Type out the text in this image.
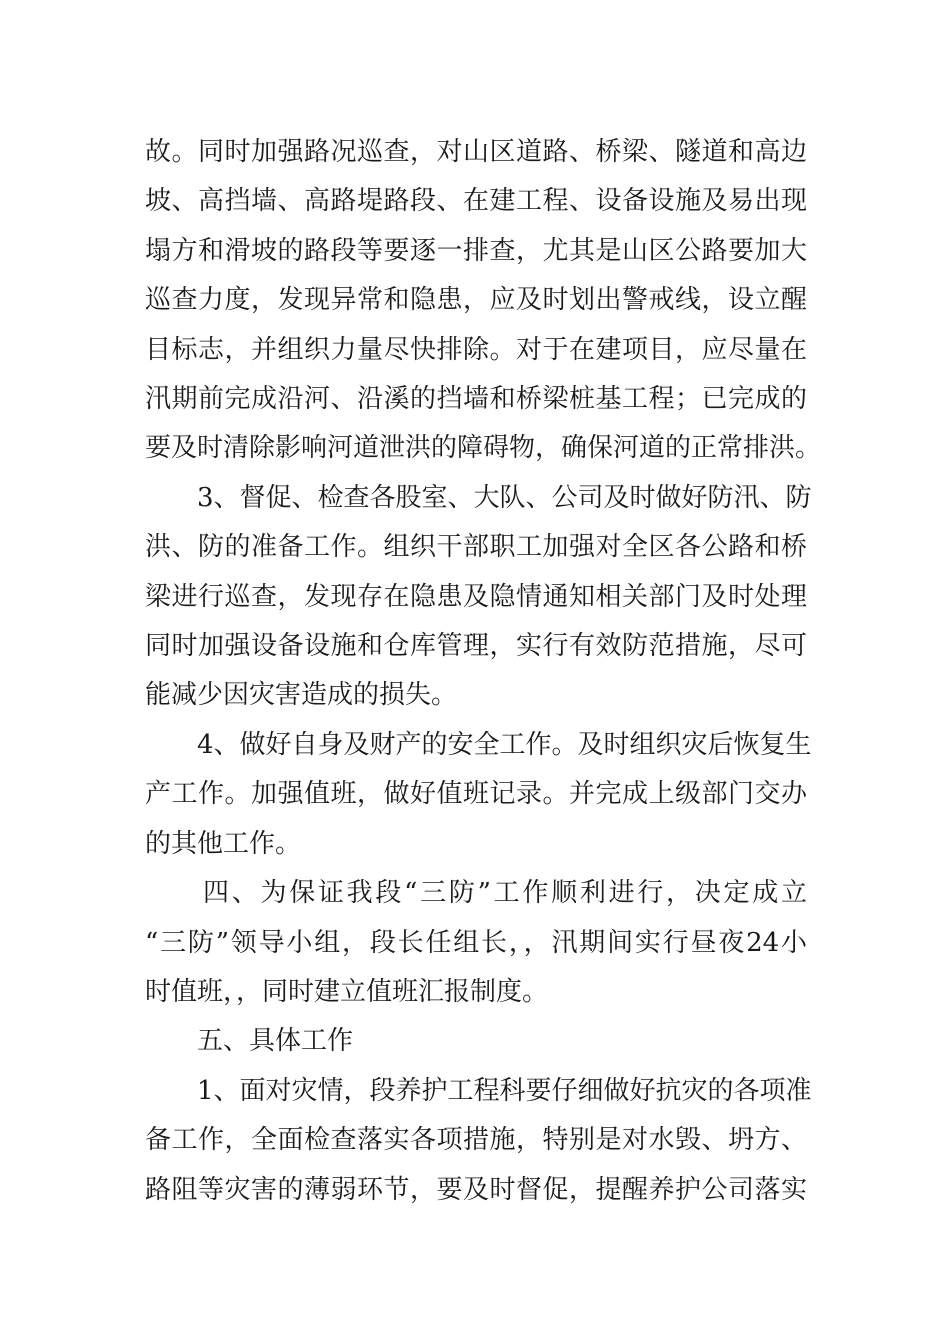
故。同时加强路况巡查，对山区道路、桥梁、隧道和高边
坡、高挡墙、高路堤路段、在建工程、设备设施及易出现
塌方和滑坡的路段等要逐一排查，尤其是山区公路要加大
巡查力度，发现异常和隐患，应及时划出警戒线，设立醒
目标志，并组织力量尽快排除。对于在建项目，应尽量在
汛期前完成沿河、沿溪的挡墙和桥梁桩基工程；已完成的
要及时清除影响河道泄洪的障碍物，确保河道的正常排洪。
3、督促、检查各股室、大队、公司及时做好防汛、防
洪、防的准备工作。组织干部职工加强对全区各公路和桥
梁进行巡查，发现存在隐患及隐情通知相关部门及时处理
同时加强设备设施和仓库管理，实行有效防范措施，尽可
能减少因灾害造成的损失。
4、做好自身及财产的安全工作。及时组织灾后恢复生
产工作。加强值班，做好值班记录。并完成上级部门交办
的其他工作。
四、为保证我段“三防”工作顺利进行，决定成立
“三防”领导小组，段长任组长，，汛期间实行昼夜24小
时值班，，同时建立值班汇报制度。
五、具体工作
1、面对灾情，段养护工程科要仔细做好抗灾的各项准
备工作，全面检查落实各项措施，特别是对水毁、坍方、
路阻等灾害的薄弱环节，要及时督促，提醒养护公司落实
